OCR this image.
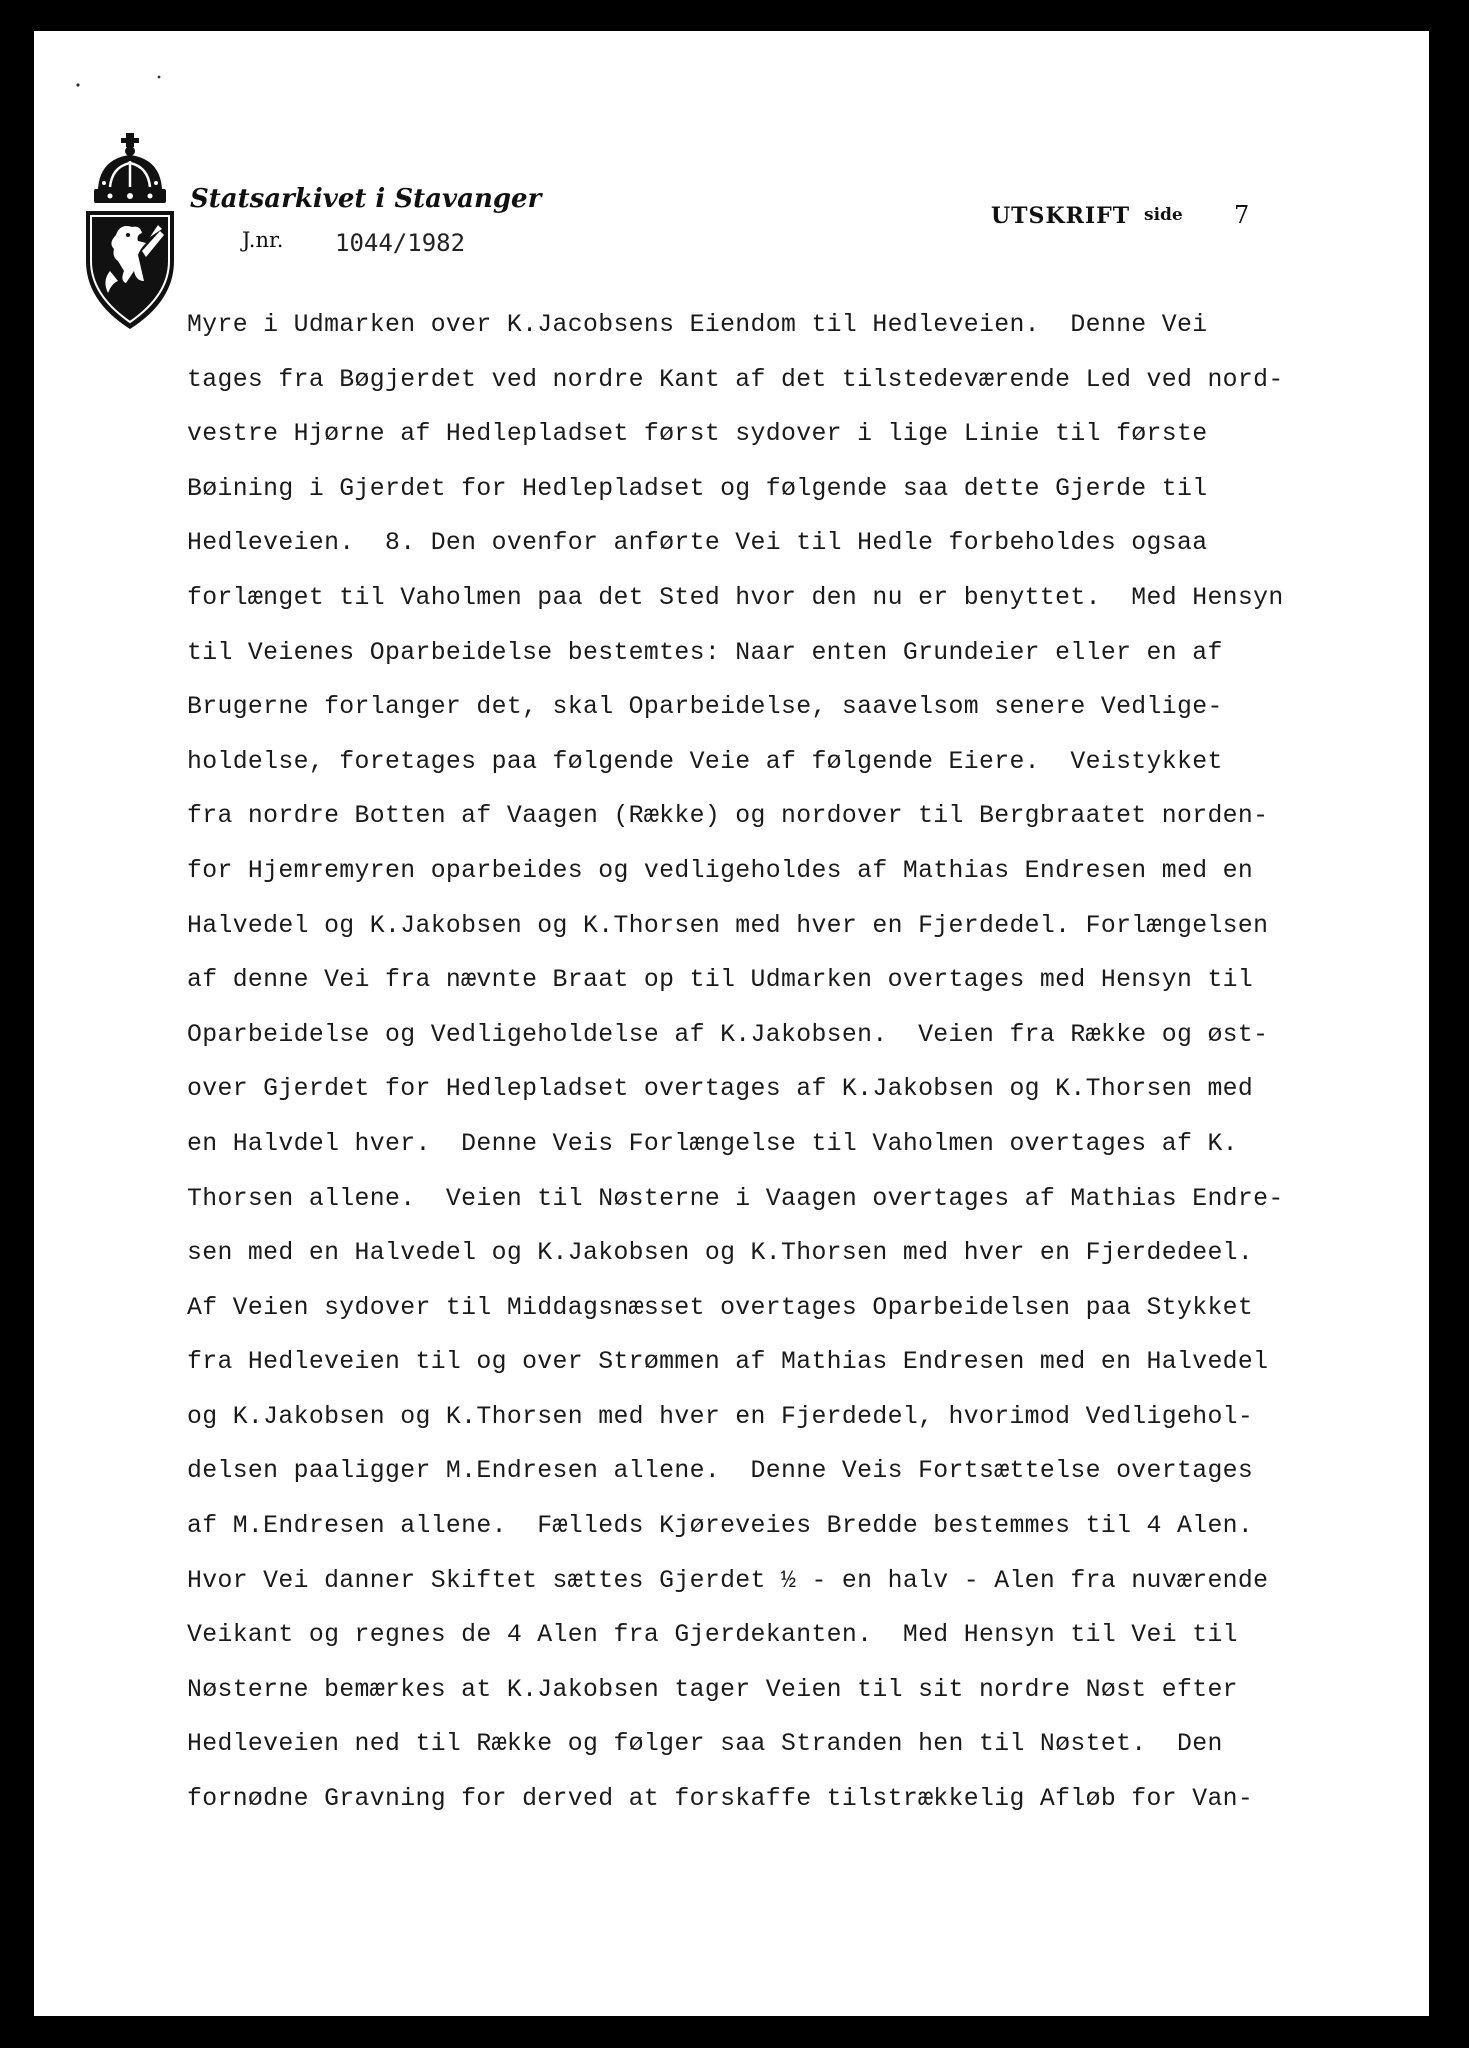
Statsarkivet i Stavanger
J.nr. 1044/1982
UTSKRIFT side 7
Myre i Udmarken over K.Jacobsens Eiendom til Hedleveien.  Denne Vei
tages fra Bøgjerdet ved nordre Kant af det tilstedeværende Led ved nord-
vestre Hjørne af Hedlepladset først sydover i lige Linie til første
Bøining i Gjerdet for Hedlepladset og følgende saa dette Gjerde til
Hedleveien.  8. Den ovenfor anførte Vei til Hedle forbeholdes ogsaa
forlænget til Vaholmen paa det Sted hvor den nu er benyttet.  Med Hensyn
til Veienes Oparbeidelse bestemtes: Naar enten Grundeier eller en af
Brugerne forlanger det, skal Oparbeidelse, saavelsom senere Vedlige-
holdelse, foretages paa følgende Veie af følgende Eiere.  Veistykket
fra nordre Botten af Vaagen (Række) og nordover til Bergbraatet norden-
for Hjemremyren oparbeides og vedligeholdes af Mathias Endresen med en
Halvedel og K.Jakobsen og K.Thorsen med hver en Fjerdedel. Forlængelsen
af denne Vei fra nævnte Braat op til Udmarken overtages med Hensyn til
Oparbeidelse og Vedligeholdelse af K.Jakobsen.  Veien fra Række og øst-
over Gjerdet for Hedlepladset overtages af K.Jakobsen og K.Thorsen med
en Halvdel hver.  Denne Veis Forlængelse til Vaholmen overtages af K.
Thorsen allene.  Veien til Nøsterne i Vaagen overtages af Mathias Endre-
sen med en Halvedel og K.Jakobsen og K.Thorsen med hver en Fjerdedeel.
Af Veien sydover til Middagsnæsset overtages Oparbeidelsen paa Stykket
fra Hedleveien til og over Strømmen af Mathias Endresen med en Halvedel
og K.Jakobsen og K.Thorsen med hver en Fjerdedel, hvorimod Vedligehol-
delsen paaligger M.Endresen allene.  Denne Veis Fortsættelse overtages
af M.Endresen allene.  Fælleds Kjøreveies Bredde bestemmes til 4 Alen.
Hvor Vei danner Skiftet sættes Gjerdet ½ - en halv - Alen fra nuværende
Veikant og regnes de 4 Alen fra Gjerdekanten.  Med Hensyn til Vei til
Nøsterne bemærkes at K.Jakobsen tager Veien til sit nordre Nøst efter
Hedleveien ned til Række og følger saa Stranden hen til Nøstet.  Den
fornødne Gravning for derved at forskaffe tilstrækkelig Afløb for Van-
